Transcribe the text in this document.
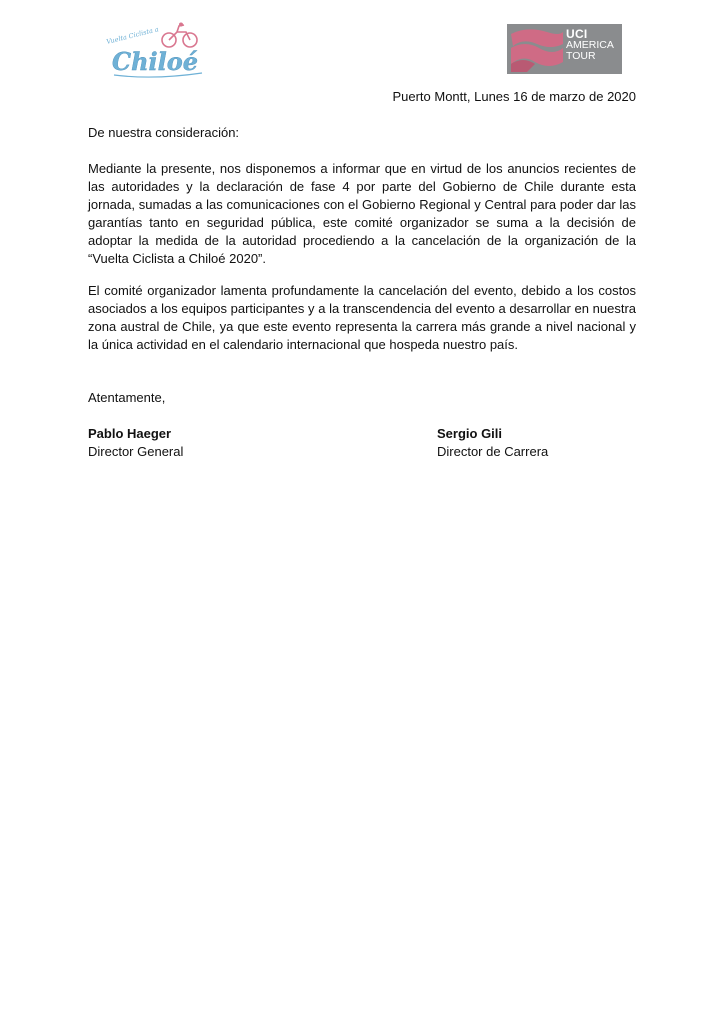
Vuelta Ciclista a
Chiloé
UCI
AMERICA
TOUR
Puerto Montt, Lunes 16 de marzo de 2020
De nuestra consideración:

Mediante la presente, nos disponemos a informar que en virtud de los anuncios recientes de las autoridades y la declaración de fase 4 por parte del Gobierno de Chile durante esta jornada, sumadas a las comunicaciones con el Gobierno Regional y Central para poder dar las garantías tanto en seguridad pública, este comité organizador se suma a la decisión de adoptar la medida de la autoridad procediendo a la cancelación de la organización de la “Vuelta Ciclista a Chiloé 2020”.

El comité organizador lamenta profundamente la cancelación del evento, debido a los costos asociados a los equipos participantes y a la transcendencia del evento a desarrollar en nuestra zona austral de Chile, ya que este evento representa la carrera más grande a nivel nacional y la única actividad en el calendario internacional que hospeda nuestro país.

Atentamente,
Pablo Haeger
Director General
Sergio Gili
Director de Carrera
